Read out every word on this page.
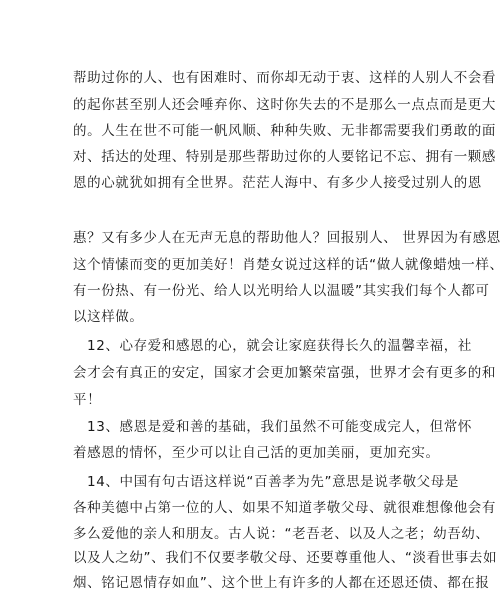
帮助过你的人、也有困难时、而你却无动于衷、这样的人别人不会看
的起你甚至别人还会唾弃你、这时你失去的不是那么一点点而是更大
的。人生在世不可能一帆风顺、种种失败、无非都需要我们勇敢的面
对、括达的处理、特别是那些帮助过你的人要铭记不忘、拥有一颗感
恩的心就犹如拥有全世界。茫茫人海中、有多少人接受过别人的恩
惠？又有多少人在无声无息的帮助他人？回报别人、 世界因为有感恩
这个情愫而变的更加美好！肖楚女说过这样的话“做人就像蜡烛一样、
有一份热、有一份光、给人以光明给人以温暖”其实我们每个人都可
以这样做。
12、心存爱和感恩的心，就会让家庭获得长久的温馨幸福，社
会才会有真正的安定，国家才会更加繁荣富强，世界才会有更多的和
平！
13、感恩是爱和善的基础，我们虽然不可能变成完人，但常怀
着感恩的情怀，至少可以让自己活的更加美丽，更加充实。
14、中国有句古语这样说“百善孝为先”意思是说孝敬父母是
各种美德中占第一位的人、如果不知道孝敬父母、就很难想像他会有
多么爱他的亲人和朋友。古人说：“老吾老、以及人之老；幼吾幼、
以及人之幼”、我们不仅要孝敬父母、还要尊重他人、“淡看世事去如
烟、铭记恩情存如血”、这个世上有许多的人都在还恩还债、都在报
